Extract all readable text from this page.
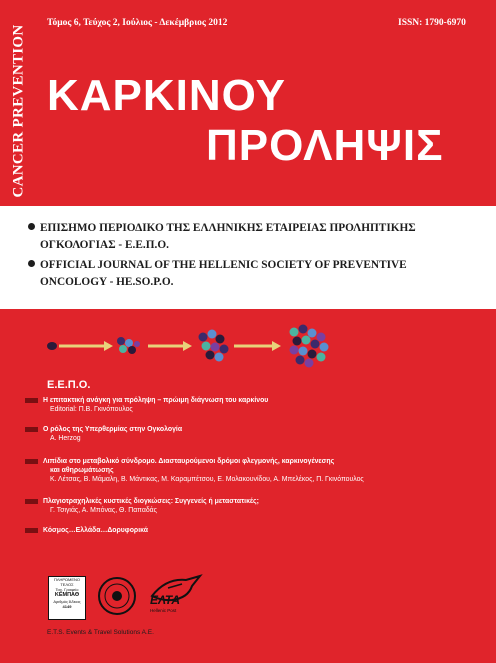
CANCER PREVENTION
Τόμος 6, Τεύχος 2, Ιούλιος - Δεκέμβριος 2012	ISSN: 1790-6970
ΚΑΡΚΙΝΟΥ
ΠΡΟΛΗΨΙΣ
ΕΠΙΣΗΜΟ ΠΕΡΙΟΔΙΚΟ ΤΗΣ ΕΛΛΗΝΙΚΗΣ ΕΤΑΙΡΕΙΑΣ ΠΡΟΛΗΠΤΙΚΗΣ
ΟΓΚΟΛΟΓΙΑΣ - Ε.Ε.Π.Ο.
OFFICIAL JOURNAL OF THE HELLENIC SOCIETY OF PREVENTIVE
ONCOLOGY - HE.SO.P.O.
Ε.Ε.Π.Ο.
Η επιτακτική ανάγκη για πρόληψη – πρώιμη διάγνωση του καρκίνου
Editorial: Π.Β. Γκινόπουλος
Ο ρόλος της Υπερθερμίας στην Ογκολογία
A. Herzog
Λιπίδια στο μεταβολικό σύνδρομο. Διασταυρούμενοι δρόμοι φλεγμονής, καρκινογένεσης
και αθηρωμάτωσης
Κ. Λέτσας, Β. Μάμαλη, Β. Μάντικας, Μ. Καραμπέτσου, Ε. Μολακουνίδου, Α. Μπελέκος, Π. Γκινόπουλος
Πλαγιοτραχηλικές κυστικές διογκώσεις: Συγγενείς ή μεταστατικές;
Γ. Τσιγιάς, Α. Μπόνας, Θ. Παπαδάς
Κόσμος…Ελλάδα…Δορυφορικά
ΠΛΗΡΩΜΕΝΟ
ΤΕΛΟΣ
Ταχ. Γραφείο
ΚΕΜΠΑΘ
Αριθμός Άδειας
4149	ΕΛΤΑ
Hellenic Post
E.T.S. Events & Travel Solutions A.E.
